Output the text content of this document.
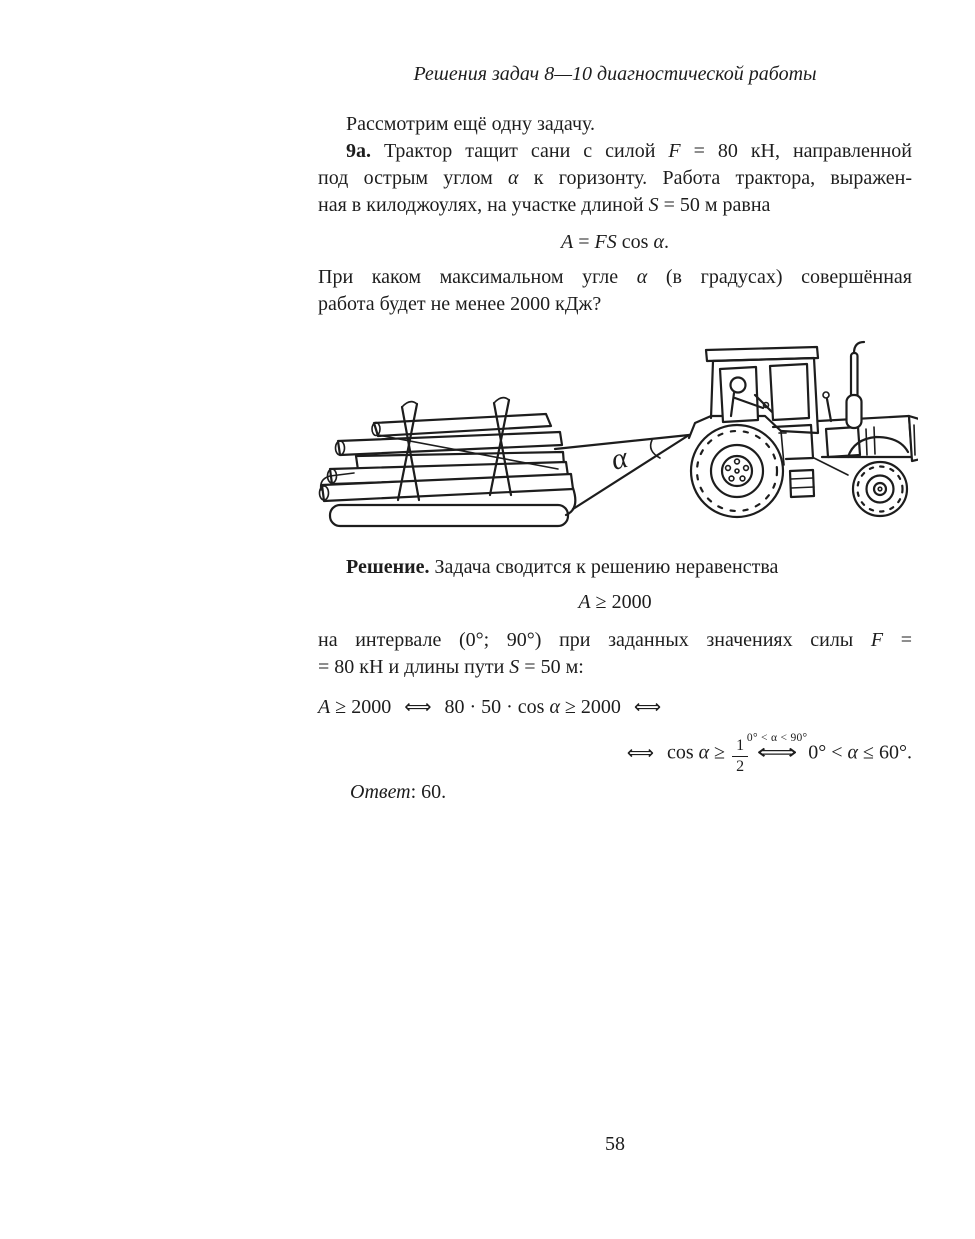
Решения задач 8—10 диагностической работы
Рассмотрим ещё одну задачу.
9а. Трактор тащит сани с силой F = 80 кН, направленной
под острым углом α к горизонту. Работа трактора, выражен-
ная в килоджоулях, на участке длиной S = 50 м равна
A = FS cos α.
При каком максимальном угле α (в градусах) совершённая
работа будет не менее 2000 кДж?
α
Решение. Задача сводится к решению неравенства
A ≥ 2000
на интервале (0°; 90°) при заданных значениях силы F =
= 80 кН и длины пути S = 50 м:
A ≥ 2000 ⟺ 80 · 50 · cos α ≥ 2000 ⟺
⟺ $\cos \alpha \ge \frac{1}{2}$
0° < α < 90°
⟺ 0° < α ≤ 60°.
Ответ: 60.
58
